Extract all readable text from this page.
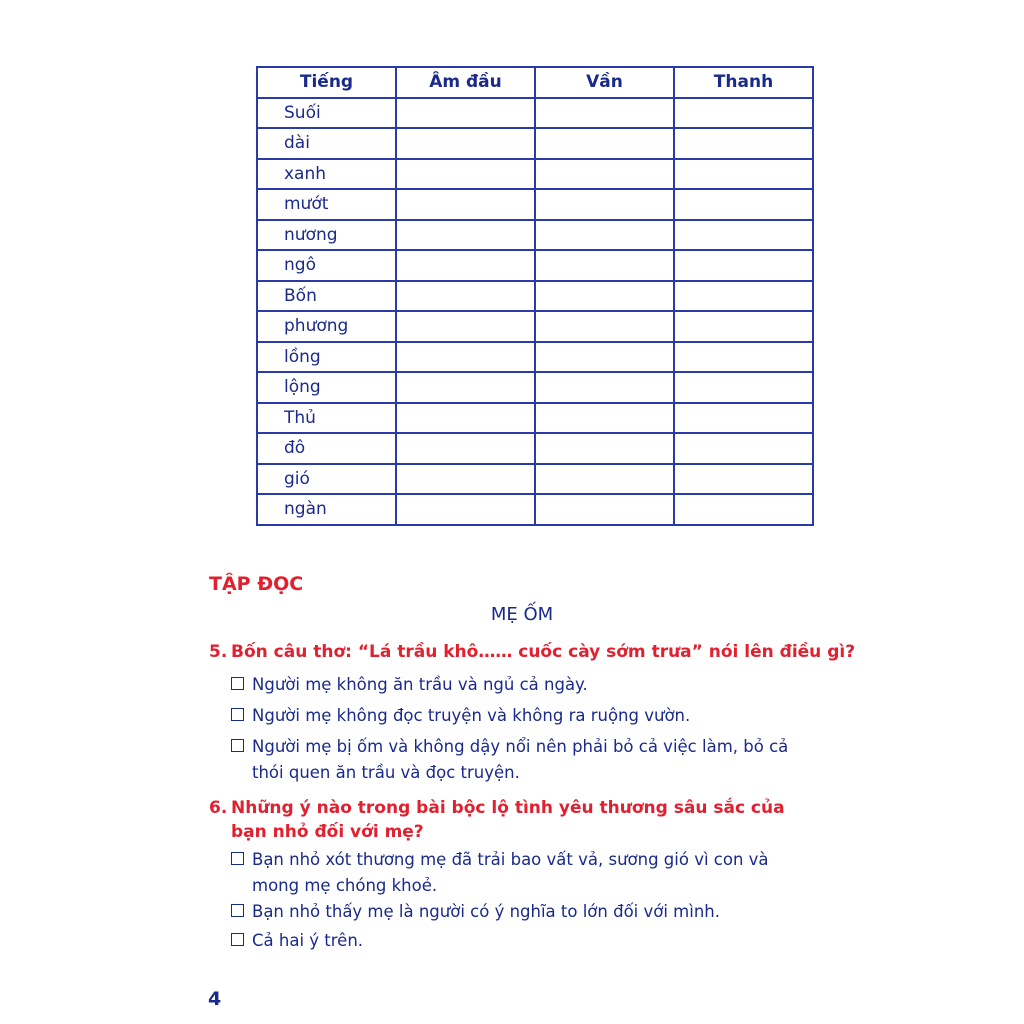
Tiếng	Âm đầu	Vần	Thanh
Suối			
dài			
xanh			
mướt			
nương			
ngô			
Bốn			
phương			
lồng			
lộng			
Thủ			
đô			
gió			
ngàn			
TẬP ĐỌC
MẸ ỐM
5. Bốn câu thơ: “Lá trầu khô…… cuốc cày sớm trưa” nói lên điều gì?
Người mẹ không ăn trầu và ngủ cả ngày.
Người mẹ không đọc truyện và không ra ruộng vườn.
Người mẹ bị ốm và không dậy nổi nên phải bỏ cả việc làm, bỏ cả thói quen ăn trầu và đọc truyện.
6. Những ý nào trong bài bộc lộ tình yêu thương sâu sắc của bạn nhỏ đối với mẹ?
Bạn nhỏ xót thương mẹ đã trải bao vất vả, sương gió vì con và mong mẹ chóng khoẻ.
Bạn nhỏ thấy mẹ là người có ý nghĩa to lớn đối với mình.
Cả hai ý trên.
4
